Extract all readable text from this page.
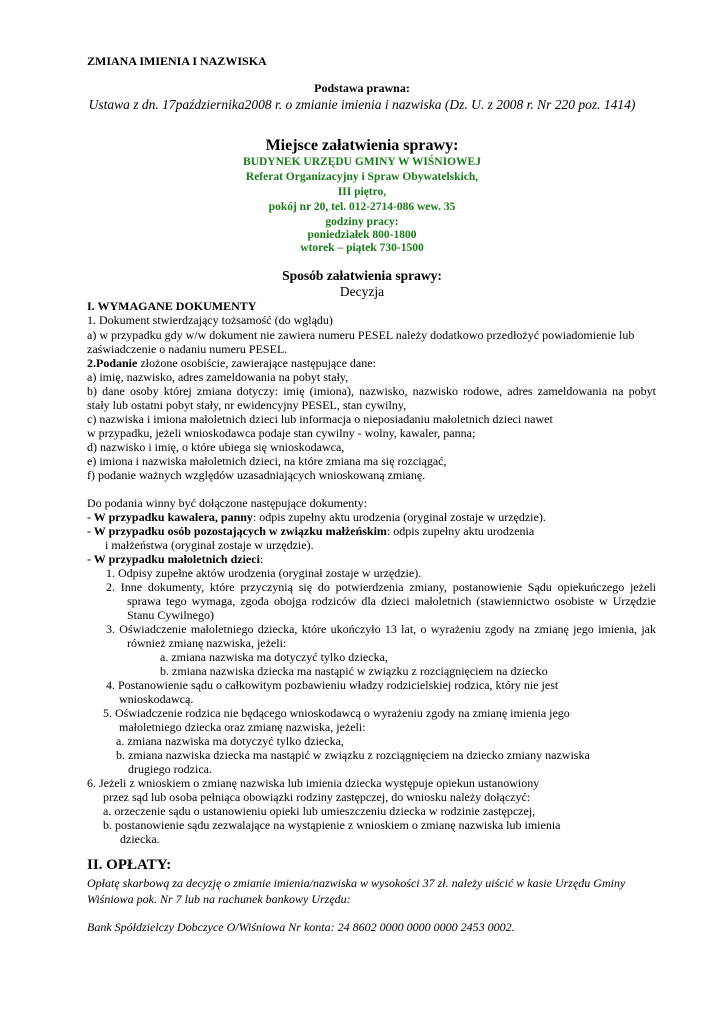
ZMIANA IMIENIA I NAZWISKA
Podstawa prawna:
Ustawa z dn. 17października2008 r. o zmianie imienia i nazwiska (Dz. U. z 2008 r. Nr 220 poz. 1414)
Miejsce załatwienia sprawy:
BUDYNEK URZĘDU GMINY W WIŚNIOWEJ
Referat Organizacyjny i Spraw Obywatelskich,
III piętro,
pokój nr 20, tel. 012-2714-086 wew. 35
godziny pracy:
poniedziałek 800-1800
wtorek – piątek 730-1500
Sposób załatwienia sprawy:
Decyzja
I. WYMAGANE DOKUMENTY
1. Dokument stwierdzający tożsamość (do wglądu)
a) w przypadku gdy w/w dokument nie zawiera numeru PESEL należy dodatkowo przedłożyć powiadomienie lub
zaświadczenie o nadaniu numeru PESEL.
2.Podanie złożone osobiście, zawierające następujące dane:
a) imię, nazwisko, adres zameldowania na pobyt stały,
b) dane osoby której zmiana dotyczy: imię (imiona), nazwisko, nazwisko rodowe, adres zameldowania na pobyt
stały lub ostatni pobyt stały, nr ewidencyjny PESEL, stan cywilny,
c) nazwiska i imiona małoletnich dzieci lub informacja o nieposiadaniu małoletnich dzieci nawet
w przypadku, jeżeli wnioskodawca podaje stan cywilny - wolny, kawaler, panna;
d) nazwisko i imię, o które ubiega się wnioskodawca,
e) imiona i nazwiska małoletnich dzieci, na które zmiana ma się rozciągać,
f) podanie ważnych względów uzasadniających wnioskowaną zmianę.
Do podania winny być dołączone następujące dokumenty:
- W przypadku kawalera, panny: odpis zupełny aktu urodzenia (oryginał zostaje w urzędzie).
- W przypadku osób pozostających w związku małżeńskim: odpis zupełny aktu urodzenia
i małżeństwa (oryginał zostaje w urzędzie).
- W przypadku małoletnich dzieci:
1. Odpisy zupełne aktów urodzenia (oryginał zostaje w urzędzie).
2. Inne dokumenty, które przyczynią się do potwierdzenia zmiany, postanowienie Sądu opiekuńczego jeżeli
sprawa tego wymaga, zgoda obojga rodziców dla dzieci małoletnich (stawiennictwo osobiste w Urzędzie
Stanu Cywilnego)
3. Oświadczenie małoletniego dziecka, które ukończyło 13 lat, o wyrażeniu zgody na zmianę jego imienia, jak
również zmianę nazwiska, jeżeli:
a. zmiana nazwiska ma dotyczyć tylko dziecka,
b. zmiana nazwiska dziecka ma nastąpić w związku z rozciągnięciem na dziecko
4. Postanowienie sądu o całkowitym pozbawieniu władzy rodzicielskiej rodzica, który nie jest
wnioskodawcą.
5. Oświadczenie rodzica nie będącego wnioskodawcą o wyrażeniu zgody na zmianę imienia jego
małoletniego dziecka oraz zmianę nazwiska, jeżeli:
a. zmiana nazwiska ma dotyczyć tylko dziecka,
b. zmiana nazwiska dziecka ma nastąpić w związku z rozciągnięciem na dziecko zmiany nazwiska
drugiego rodzica.
6. Jeżeli z wnioskiem o zmianę nazwiska lub imienia dziecka występuje opiekun ustanowiony
przez sąd lub osoba pełniąca obowiązki rodziny zastępczej, do wniosku należy dołączyć:
a. orzeczenie sądu o ustanowieniu opieki lub umieszczeniu dziecka w rodzinie zastępczej,
b. postanowienie sądu zezwalające na wystąpienie z wnioskiem o zmianę nazwiska lub imienia
dziecka.
II. OPŁATY:
Opłatę skarbową za decyzję o zmianie imienia/nazwiska w wysokości 37 zł. należy uiścić w kasie Urzędu Gminy
Wiśniowa pok. Nr 7 lub na rachunek bankowy Urzędu:
Bank Spółdzielczy Dobczyce O/Wiśniowa Nr konta: 24 8602 0000 0000 0000 2453 0002.
